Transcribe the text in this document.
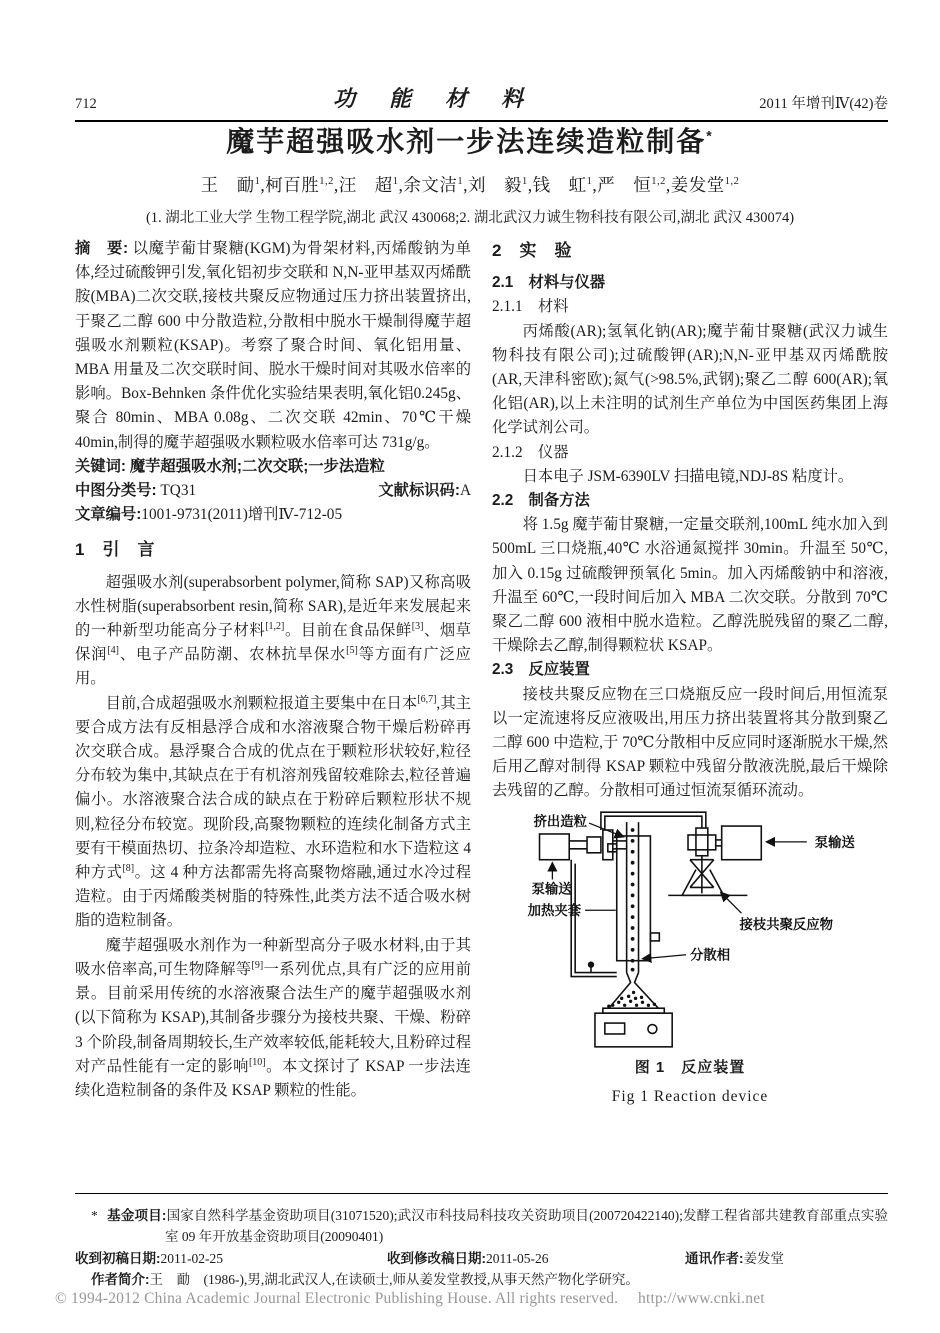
712	功能材料	2011 年增刊Ⅳ(42)卷
魔芋超强吸水剂一步法连续造粒制备*
王　勔$^1$,柯百胜$^{1,2}$,汪　超$^1$,余文洁$^1$,刘　毅$^1$,钱　虹$^1$,严　恒$^{1,2}$,姜发堂$^{1,2}$
(1. 湖北工业大学 生物工程学院,湖北 武汉 430068;2. 湖北武汉力诚生物科技有限公司,湖北 武汉 430074)

摘　要: 以魔芋葡甘聚糖(KGM)为骨架材料,丙烯酸钠为单体,经过硫酸钾引发,氧化铝初步交联和 N,N-亚甲基双丙烯酰胺(MBA)二次交联,接枝共聚反应物通过压力挤出装置挤出,于聚乙二醇 600 中分散造粒,分散相中脱水干燥制得魔芋超强吸水剂颗粒(KSAP)。考察了聚合时间、氧化铝用量、MBA 用量及二次交联时间、脱水干燥时间对其吸水倍率的影响。Box-Behnken 条件优化实验结果表明,氧化铝0.245g、聚合 80min、MBA 0.08g、二次交联 42min、70℃干燥 40min,制得的魔芋超强吸水颗粒吸水倍率可达 731g/g。

关键词: 魔芋超强吸水剂;二次交联;一步法造粒

中图分类号: TQ31	文献标识码:A

文章编号:1001-9731(2011)增刊Ⅳ-712-05

1　引　言

超强吸水剂(superabsorbent polymer,简称 SAP)又称高吸水性树脂(superabsorbent resin,简称 SAR),是近年来发展起来的一种新型功能高分子材料[1,2]。目前在食品保鲜[3]、烟草保润[4]、电子产品防潮、农林抗旱保水[5]等方面有广泛应用。

目前,合成超强吸水剂颗粒报道主要集中在日本[6,7],其主要合成方法有反相悬浮合成和水溶液聚合物干燥后粉碎再次交联合成。悬浮聚合合成的优点在于颗粒形状较好,粒径分布较为集中,其缺点在于有机溶剂残留较难除去,粒径普遍偏小。水溶液聚合法合成的缺点在于粉碎后颗粒形状不规则,粒径分布较宽。现阶段,高聚物颗粒的连续化制备方式主要有干模面热切、拉条冷却造粒、水环造粒和水下造粒这 4 种方式[8]。这 4 种方法都需先将高聚物熔融,通过水冷过程造粒。由于丙烯酸类树脂的特殊性,此类方法不适合吸水树脂的造粒制备。

魔芋超强吸水剂作为一种新型高分子吸水材料,由于其吸水倍率高,可生物降解等[9]一系列优点,具有广泛的应用前景。目前采用传统的水溶液聚合法生产的魔芋超强吸水剂(以下简称为 KSAP),其制备步骤分为接枝共聚、干燥、粉碎 3 个阶段,制备周期较长,生产效率较低,能耗较大,且粉碎过程对产品性能有一定的影响[10]。本文探讨了 KSAP 一步法连续化造粒制备的条件及 KSAP 颗粒的性能。

2　实　验
2.1　材料与仪器
2.1.1　材料

丙烯酸(AR);氢氧化钠(AR);魔芋葡甘聚糖(武汉力诚生物科技有限公司);过硫酸钾(AR);N,N-亚甲基双丙烯酰胺(AR,天津科密欧);氮气(>98.5%,武钢);聚乙二醇 600(AR);氧化铝(AR),以上未注明的试剂生产单位为中国医药集团上海化学试剂公司。

2.1.2　仪器

日本电子 JSM-6390LV 扫描电镜,NDJ-8S 粘度计。

2.2　制备方法

将 1.5g 魔芋葡甘聚糖,一定量交联剂,100mL 纯水加入到 500mL 三口烧瓶,40℃ 水浴通氮搅拌 30min。升温至 50℃,加入 0.15g 过硫酸钾预氧化 5min。加入丙烯酸钠中和溶液,升温至 60℃,一段时间后加入 MBA 二次交联。分散到 70℃聚乙二醇 600 液相中脱水造粒。乙醇洗脱残留的聚乙二醇,干燥除去乙醇,制得颗粒状 KSAP。

2.3　反应装置

接枝共聚反应物在三口烧瓶反应一段时间后,用恒流泵以一定流速将反应液吸出,用压力挤出装置将其分散到聚乙二醇 600 中造粒,于 70℃分散相中反应同时逐渐脱水干燥,然后用乙醇对制得 KSAP 颗粒中残留分散液洗脱,最后干燥除去残留的乙醇。分散相可通过恒流泵循环流动。

挤出造粒
泵输送
加热夹套
分散相
泵输送
接枝共聚反应物
图 1　反应装置
Fig 1 Reaction device
* 基金项目:国家自然科学基金资助项目(31071520);武汉市科技局科技攻关资助项目(200720422140);发酵工程省部共建教育部重点实验室 09 年开放基金资助项目(20090401)
收到初稿日期:2011-02-25	收到修改稿日期:2011-05-26	通讯作者:姜发堂
作者简介:王　勔　(1986-),男,湖北武汉人,在读硕士,师从姜发堂教授,从事天然产物化学研究。
© 1994-2012 China Academic Journal Electronic Publishing House. All rights reserved.　 http://www.cnki.net
